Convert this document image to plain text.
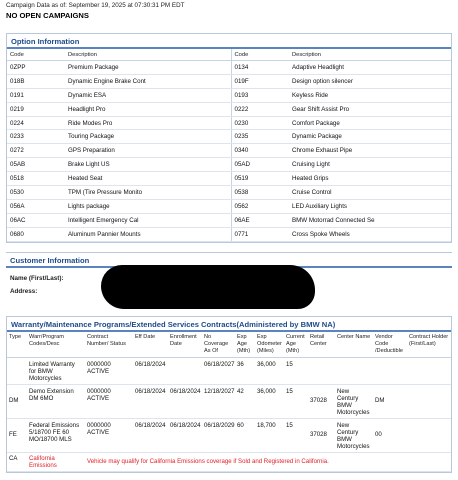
Campaign Data as of: September 19, 2025 at 07:30:31 PM EDT
NO OPEN CAMPAIGNS
Option Information
Code	Description	Code	Description
0ZPP	Premium Package	0134	Adaptive Headlight
018B	Dynamic Engine Brake Cont	019F	Design option silencer
0191	Dynamic ESA	0193	Keyless Ride
0219	Headlight Pro	0222	Gear Shift Assist Pro
0224	Ride Modes Pro	0230	Comfort Package
0233	Touring Package	0235	Dynamic Package
0272	GPS Preparation	0340	Chrome Exhaust Pipe
05AB	Brake Light US	05AD	Cruising Light
0518	Heated Seat	0519	Heated Grips
0530	TPM (Tire Pressure Monito	0538	Cruise Control
056A	Lights package	0562	LED Auxiliary Lights
06AC	Intelligent Emergency Cal	06AE	BMW Motorrad Connected Se
0680	Aluminum Pannier Mounts	0771	Cross Spoke Wheels
Customer Information
Name (First/Last):
Address:
Warranty/Maintenance Programs/Extended Services Contracts(Administered by BMW NA)
Type	Warr/Program Codes/Desc	Contract Number/ Status	Eff Date	Enrollment Date	No Coverage As Of	Exp Age (Mth)	Exp Odometer (Miles)	Current Age (Mth)	Retail Center	Center Name	Vendor Code /Deductible	Contract Holder (First/Last)
	Limited Warranty for BMW Motorcycles	0000000 ACTIVE	06/18/2024		06/18/2027	36	36,000	15				
DM	Demo Extension DM 6MO	0000000 ACTIVE	06/18/2024	06/18/2024	12/18/2027	42	36,000	15	37028	New Century BMW Motorcycles	DM	
FE	Federal Emissions 5/18700 FE 60 MO/18700 MLS	0000000 ACTIVE	06/18/2024	06/18/2024	06/18/2029	60	18,700	15	37028	New Century BMW Motorcycles	00	
CA	California Emissions	Vehicle may qualify for California Emissions coverage if Sold and Registered in California.										
